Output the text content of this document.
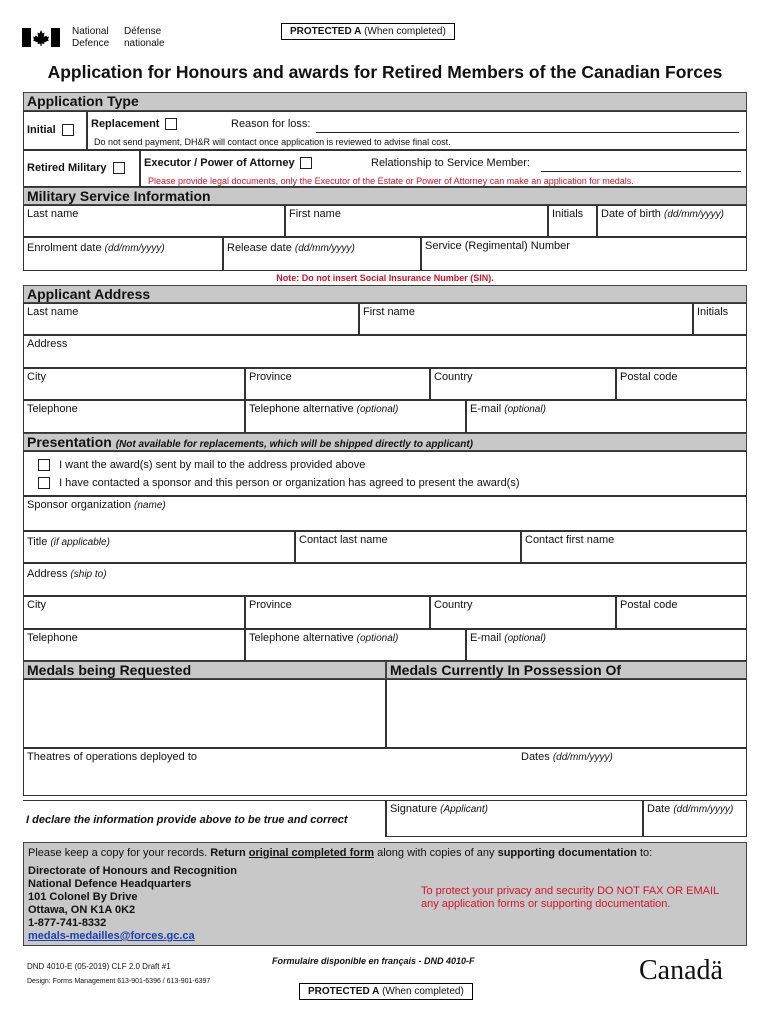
National
Defence
Défense
nationale
PROTECTED A (When completed)
Application for Honours and awards for Retired Members of the Canadian Forces
Application Type
Initial	Replacement	Reason for loss:
Do not send payment, DH&R will contact once application is reviewed to advise final cost.
Retired Military	Executor / Power of Attorney	Relationship to Service Member:
Please provide legal documents, only the Executor of the Estate or Power of Attorney can make an application for medals.
Military Service Information
Last name	First name	Initials	Date of birth (dd/mm/yyyy)
Enrolment date (dd/mm/yyyy)	Release date (dd/mm/yyyy)	Service (Regimental) Number
Note: Do not insert Social Insurance Number (SIN).
Applicant Address
Last name	First name	Initials
Address
City	Province	Country	Postal code
Telephone	Telephone alternative (optional)	E-mail (optional)
Presentation (Not available for replacements, which will be shipped directly to applicant)
I want the award(s) sent by mail to the address provided above
I have contacted a sponsor and this person or organization has agreed to present the award(s)
Sponsor organization (name)
Title (if applicable)	Contact last name	Contact first name
Address (ship to)
City	Province	Country	Postal code
Telephone	Telephone alternative (optional)	E-mail (optional)
Medals being Requested	Medals Currently In Possession Of
Theatres of operations deployed to	Dates (dd/mm/yyyy)
I declare the information provide above to be true and correct
Signature (Applicant)	Date (dd/mm/yyyy)
Please keep a copy for your records. Return original completed form along with copies of any supporting documentation to:
Directorate of Honours and Recognition
National Defence Headquarters
101 Colonel By Drive
Ottawa, ON K1A 0K2
1-877-741-8332
medals-medailles@forces.gc.ca
To protect your privacy and security DO NOT FAX OR EMAIL
any application forms or supporting documentation.
DND 4010-E (05-2019) CLF 2.0 Draft #1
Design: Forms Management 613-901-6396 / 613-901-6397
Formulaire disponible en français - DND 4010-F	Canadä
PROTECTED A (When completed)
